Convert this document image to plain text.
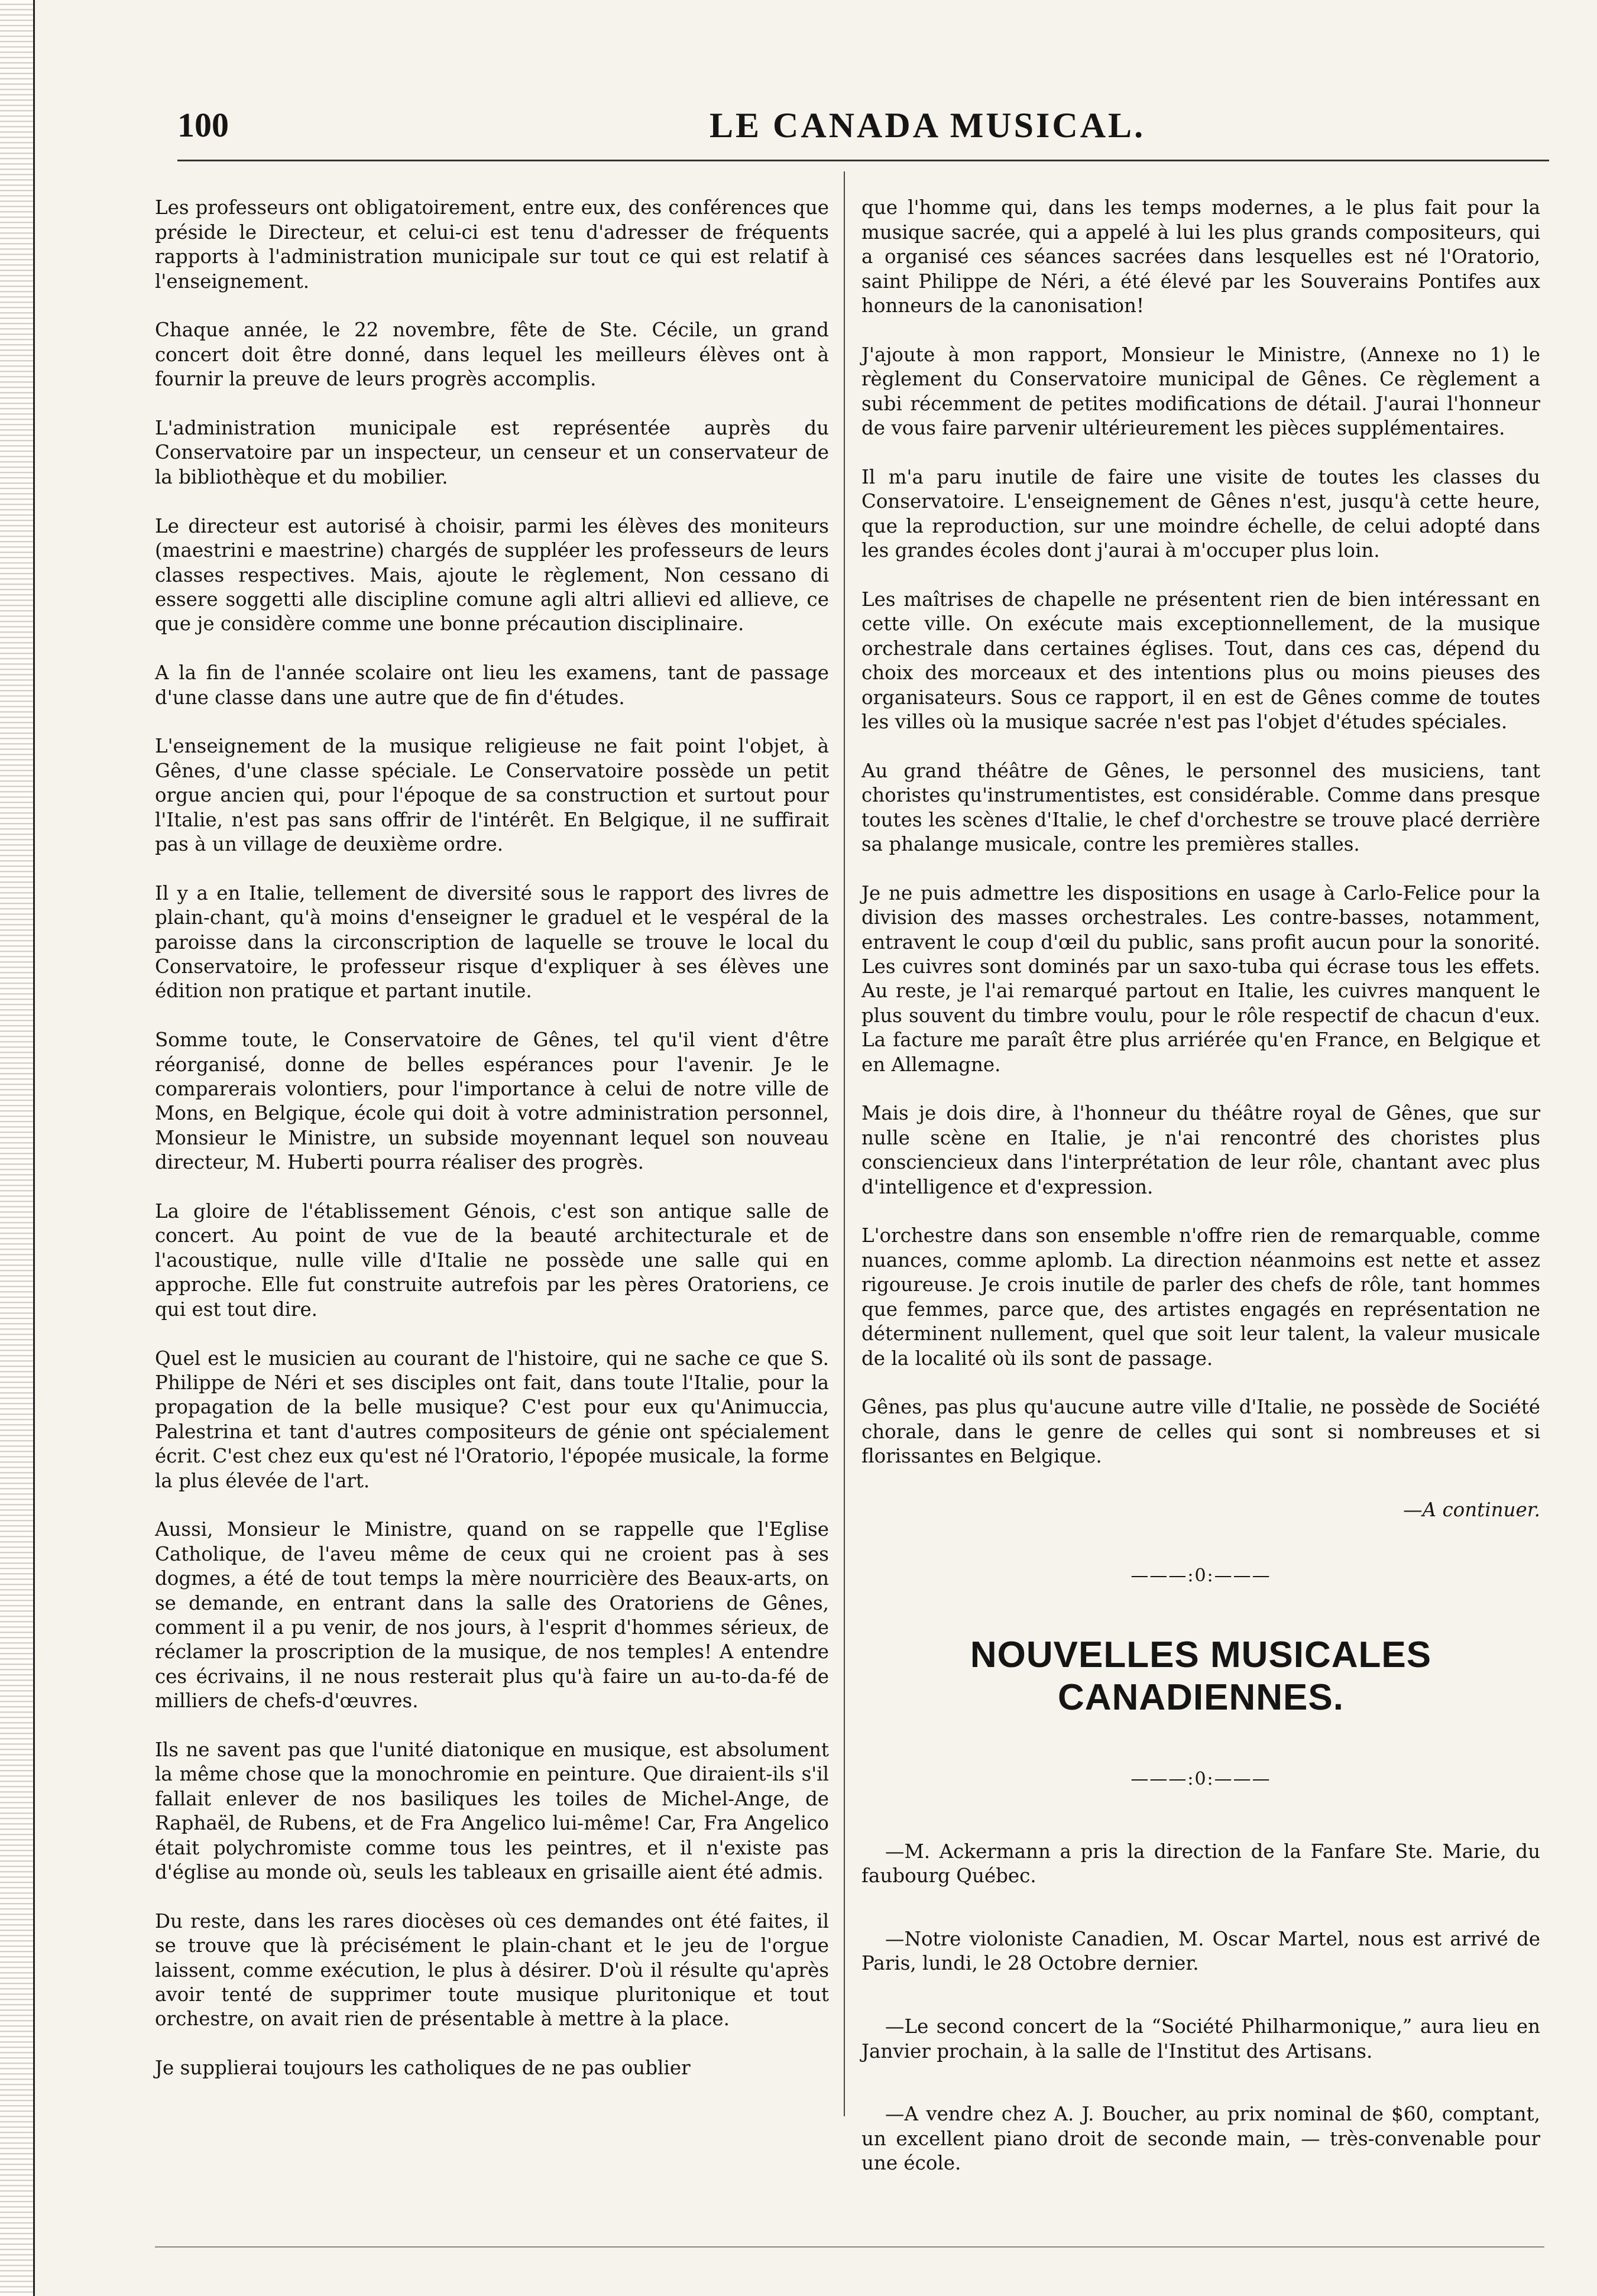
100	LE CANADA MUSICAL.

Les professeurs ont obligatoirement, entre eux, des conférences que préside le Directeur, et celui-ci est tenu d'adresser de fréquents rapports à l'administration municipale sur tout ce qui est relatif à l'enseignement.

Chaque année, le 22 novembre, fête de Ste. Cécile, un grand concert doit être donné, dans lequel les meilleurs élèves ont à fournir la preuve de leurs progrès accomplis.

L'administration municipale est représentée auprès du Conservatoire par un inspecteur, un censeur et un conservateur de la bibliothèque et du mobilier.

Le directeur est autorisé à choisir, parmi les élèves des moniteurs (maestrini e maestrine) chargés de suppléer les professeurs de leurs classes respectives. Mais, ajoute le règlement, Non cessano di essere soggetti alle discipline comune agli altri allievi ed allieve, ce que je considère comme une bonne précaution disciplinaire.

A la fin de l'année scolaire ont lieu les examens, tant de passage d'une classe dans une autre que de fin d'études.

L'enseignement de la musique religieuse ne fait point l'objet, à Gênes, d'une classe spéciale. Le Conservatoire possède un petit orgue ancien qui, pour l'époque de sa construction et surtout pour l'Italie, n'est pas sans offrir de l'intérêt. En Belgique, il ne suffirait pas à un village de deuxième ordre.

Il y a en Italie, tellement de diversité sous le rapport des livres de plain-chant, qu'à moins d'enseigner le graduel et le vespéral de la paroisse dans la circonscription de laquelle se trouve le local du Conservatoire, le professeur risque d'expliquer à ses élèves une édition non pratique et partant inutile.

Somme toute, le Conservatoire de Gênes, tel qu'il vient d'être réorganisé, donne de belles espérances pour l'avenir. Je le comparerais volontiers, pour l'importance à celui de notre ville de Mons, en Belgique, école qui doit à votre administration personnel, Monsieur le Ministre, un subside moyennant lequel son nouveau directeur, M. Huberti pourra réaliser des progrès.

La gloire de l'établissement Génois, c'est son antique salle de concert. Au point de vue de la beauté architecturale et de l'acoustique, nulle ville d'Italie ne possède une salle qui en approche. Elle fut construite autrefois par les pères Oratoriens, ce qui est tout dire.

Quel est le musicien au courant de l'histoire, qui ne sache ce que S. Philippe de Néri et ses disciples ont fait, dans toute l'Italie, pour la propagation de la belle musique? C'est pour eux qu'Animuccia, Palestrina et tant d'autres compositeurs de génie ont spécialement écrit. C'est chez eux qu'est né l'Oratorio, l'épopée musicale, la forme la plus élevée de l'art.

Aussi, Monsieur le Ministre, quand on se rappelle que l'Eglise Catholique, de l'aveu même de ceux qui ne croient pas à ses dogmes, a été de tout temps la mère nourricière des Beaux-arts, on se demande, en entrant dans la salle des Oratoriens de Gênes, comment il a pu venir, de nos jours, à l'esprit d'hommes sérieux, de réclamer la proscription de la musique, de nos temples! A entendre ces écrivains, il ne nous resterait plus qu'à faire un au-to-da-fé de milliers de chefs-d'œuvres.

Ils ne savent pas que l'unité diatonique en musique, est absolument la même chose que la monochromie en peinture. Que diraient-ils s'il fallait enlever de nos basiliques les toiles de Michel-Ange, de Raphaël, de Rubens, et de Fra Angelico lui-même! Car, Fra Angelico était polychromiste comme tous les peintres, et il n'existe pas d'église au monde où, seuls les tableaux en grisaille aient été admis.

Du reste, dans les rares diocèses où ces demandes ont été faites, il se trouve que là précisément le plain-chant et le jeu de l'orgue laissent, comme exécution, le plus à désirer. D'où il résulte qu'après avoir tenté de supprimer toute musique pluritonique et tout orchestre, on avait rien de présentable à mettre à la place.

Je supplierai toujours les catholiques de ne pas oublier

que l'homme qui, dans les temps modernes, a le plus fait pour la musique sacrée, qui a appelé à lui les plus grands compositeurs, qui a organisé ces séances sacrées dans lesquelles est né l'Oratorio, saint Philippe de Néri, a été élevé par les Souverains Pontifes aux honneurs de la canonisation!

J'ajoute à mon rapport, Monsieur le Ministre, (Annexe no 1) le règlement du Conservatoire municipal de Gênes. Ce règlement a subi récemment de petites modifications de détail. J'aurai l'honneur de vous faire parvenir ultérieurement les pièces supplémentaires.

Il m'a paru inutile de faire une visite de toutes les classes du Conservatoire. L'enseignement de Gênes n'est, jusqu'à cette heure, que la reproduction, sur une moindre échelle, de celui adopté dans les grandes écoles dont j'aurai à m'occuper plus loin.

Les maîtrises de chapelle ne présentent rien de bien intéressant en cette ville. On exécute mais exceptionnellement, de la musique orchestrale dans certaines églises. Tout, dans ces cas, dépend du choix des morceaux et des intentions plus ou moins pieuses des organisateurs. Sous ce rapport, il en est de Gênes comme de toutes les villes où la musique sacrée n'est pas l'objet d'études spéciales.

Au grand théâtre de Gênes, le personnel des musiciens, tant choristes qu'instrumentistes, est considérable. Comme dans presque toutes les scènes d'Italie, le chef d'orchestre se trouve placé derrière sa phalange musicale, contre les premières stalles.

Je ne puis admettre les dispositions en usage à Carlo-Felice pour la division des masses orchestrales. Les contre-basses, notamment, entravent le coup d'œil du public, sans profit aucun pour la sonorité. Les cuivres sont dominés par un saxo-tuba qui écrase tous les effets. Au reste, je l'ai remarqué partout en Italie, les cuivres manquent le plus souvent du timbre voulu, pour le rôle respectif de chacun d'eux. La facture me paraît être plus arriérée qu'en France, en Belgique et en Allemagne.

Mais je dois dire, à l'honneur du théâtre royal de Gênes, que sur nulle scène en Italie, je n'ai rencontré des choristes plus consciencieux dans l'interprétation de leur rôle, chantant avec plus d'intelligence et d'expression.

L'orchestre dans son ensemble n'offre rien de remarquable, comme nuances, comme aplomb. La direction néanmoins est nette et assez rigoureuse. Je crois inutile de parler des chefs de rôle, tant hommes que femmes, parce que, des artistes engagés en représentation ne déterminent nullement, quel que soit leur talent, la valeur musicale de la localité où ils sont de passage.

Gênes, pas plus qu'aucune autre ville d'Italie, ne possède de Société chorale, dans le genre de celles qui sont si nombreuses et si florissantes en Belgique.

—A continuer.

———:0:———

NOUVELLES MUSICALES CANADIENNES.

———:0:———

—M. Ackermann a pris la direction de la Fanfare Ste. Marie, du faubourg Québec.

—Notre violoniste Canadien, M. Oscar Martel, nous est arrivé de Paris, lundi, le 28 Octobre dernier.

—Le second concert de la “Société Philharmonique,” aura lieu en Janvier prochain, à la salle de l'Institut des Artisans.

—A vendre chez A. J. Boucher, au prix nominal de $60, comptant, un excellent piano droit de seconde main, — très-convenable pour une école.
